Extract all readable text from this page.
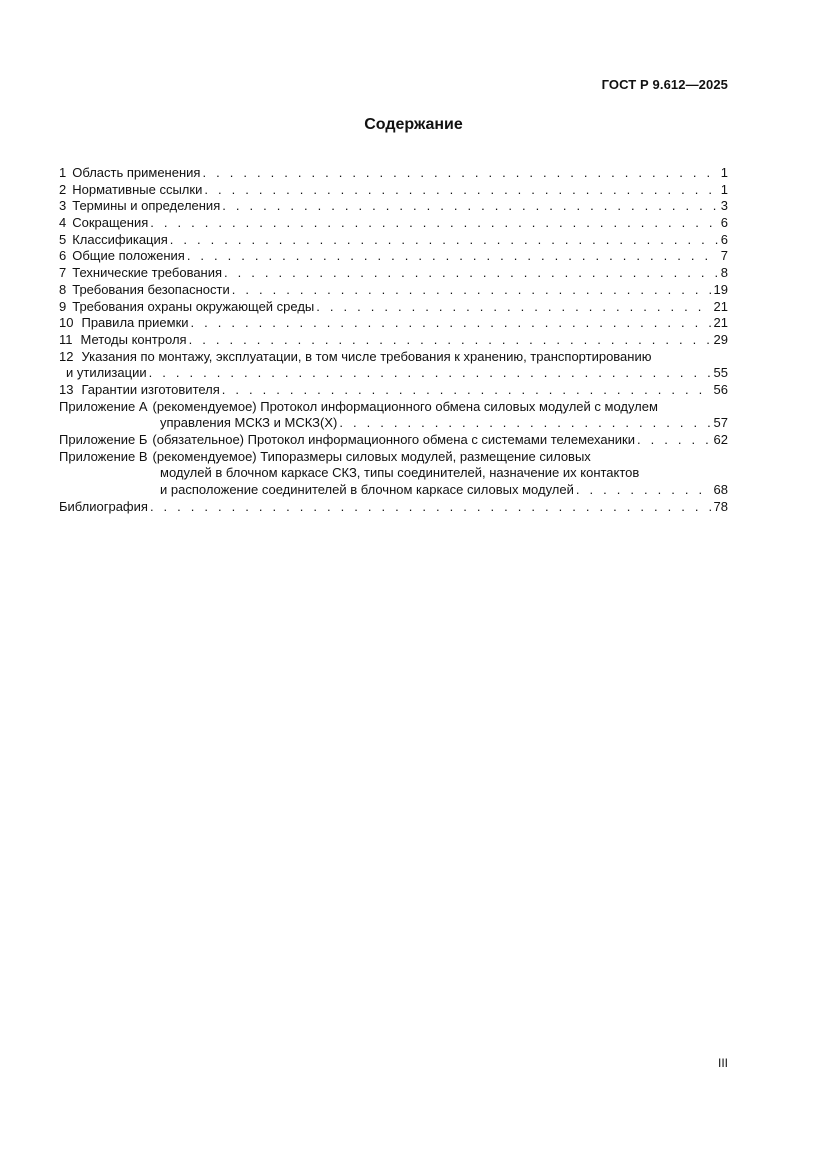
ГОСТ Р 9.612—2025
Содержание
1 Область применения . . .	1
2 Нормативные ссылки . . .	1
3 Термины и определения . . .	3
4 Сокращения . . .	6
5 Классификация . . .	6
6 Общие положения . . .	7
7 Технические требования . . .	8
8 Требования безопасности . . .	19
9 Требования охраны окружающей среды . . .	21
10 Правила приемки . . .	21
11 Методы контроля . . .	29
12 Указания по монтажу, эксплуатации, в том числе требования к хранению, транспортированию
и утилизации . . .	55
13 Гарантии изготовителя . . .	56
Приложение А (рекомендуемое) Протокол информационного обмена силовых модулей с модулем
управления МСКЗ и МСКЗ(Х) . . .	57
Приложение Б (обязательное) Протокол информационного обмена с системами телемеханики . . .	62
Приложение В (рекомендуемое) Типоразмеры силовых модулей, размещение силовых
модулей в блочном каркасе СКЗ, типы соединителей, назначение их контактов
и расположение соединителей в блочном каркасе силовых модулей . . .	68
Библиография . . .	78
III
